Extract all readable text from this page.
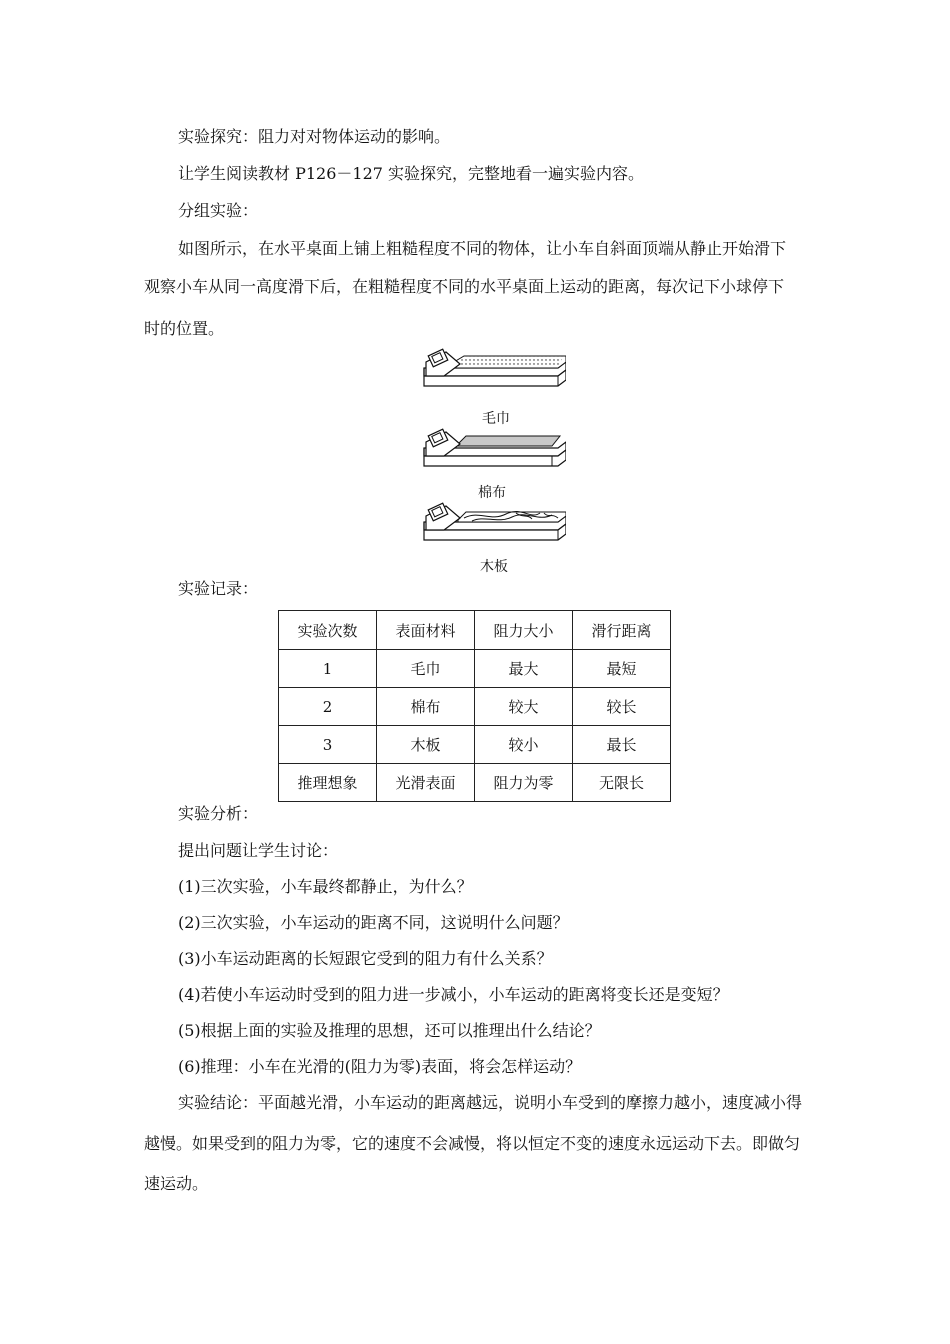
实验探究：阻力对对物体运动的影响。
让学生阅读教材 P126－127 实验探究，完整地看一遍实验内容。
分组实验：
如图所示，在水平桌面上铺上粗糙程度不同的物体，让小车自斜面顶端从静止开始滑下
观察小车从同一高度滑下后，在粗糙程度不同的水平桌面上运动的距离，每次记下小球停下
时的位置。
毛巾
棉布
木板
实验记录：
实验次数	表面材料	阻力大小	滑行距离
1	毛巾	最大	最短
2	棉布	较大	较长
3	木板	较小	最长
推理想象	光滑表面	阻力为零	无限长
实验分析：
提出问题让学生讨论：
(1)三次实验，小车最终都静止，为什么？
(2)三次实验，小车运动的距离不同，这说明什么问题？
(3)小车运动距离的长短跟它受到的阻力有什么关系？
(4)若使小车运动时受到的阻力进一步减小，小车运动的距离将变长还是变短？
(5)根据上面的实验及推理的思想，还可以推理出什么结论？
(6)推理：小车在光滑的(阻力为零)表面，将会怎样运动？
实验结论：平面越光滑，小车运动的距离越远，说明小车受到的摩擦力越小，速度减小得
越慢。如果受到的阻力为零，它的速度不会减慢，将以恒定不变的速度永远运动下去。即做匀
速运动。
